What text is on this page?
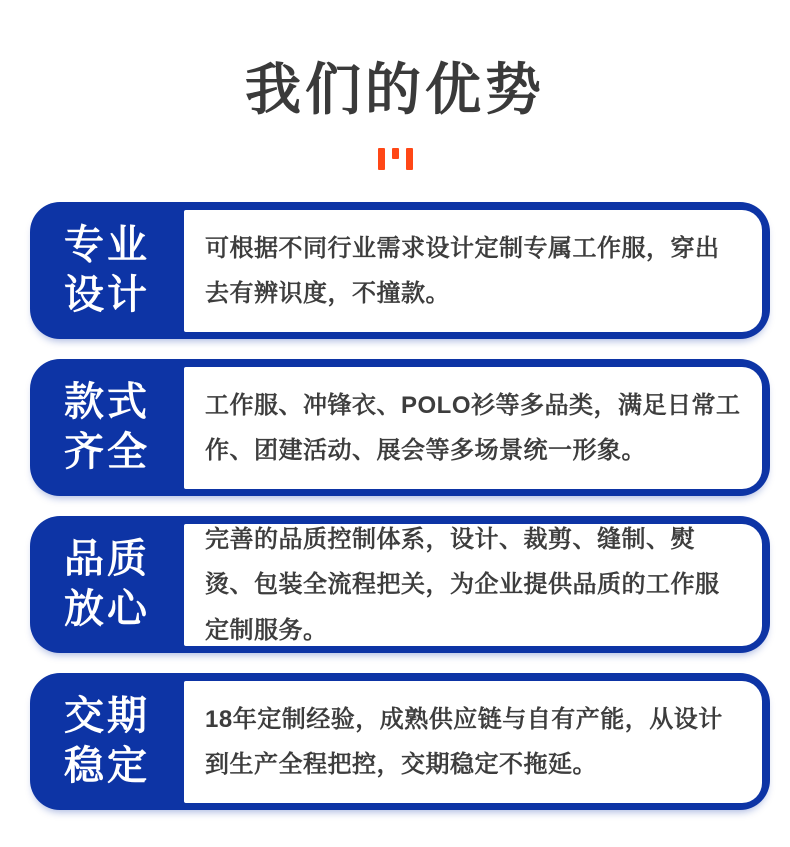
我们的优势
专业
设计

可根据不同行业需求设计定制专属工作服，穿出去有辨识度，不撞款。

款式
齐全

工作服、冲锋衣、POLO衫等多品类，满足日常工作、团建活动、展会等多场景统一形象。

品质
放心

完善的品质控制体系，设计、裁剪、缝制、熨烫、包装全流程把关，为企业提供品质的工作服定制服务。

交期
稳定

18年定制经验，成熟供应链与自有产能，从设计到生产全程把控，交期稳定不拖延。
